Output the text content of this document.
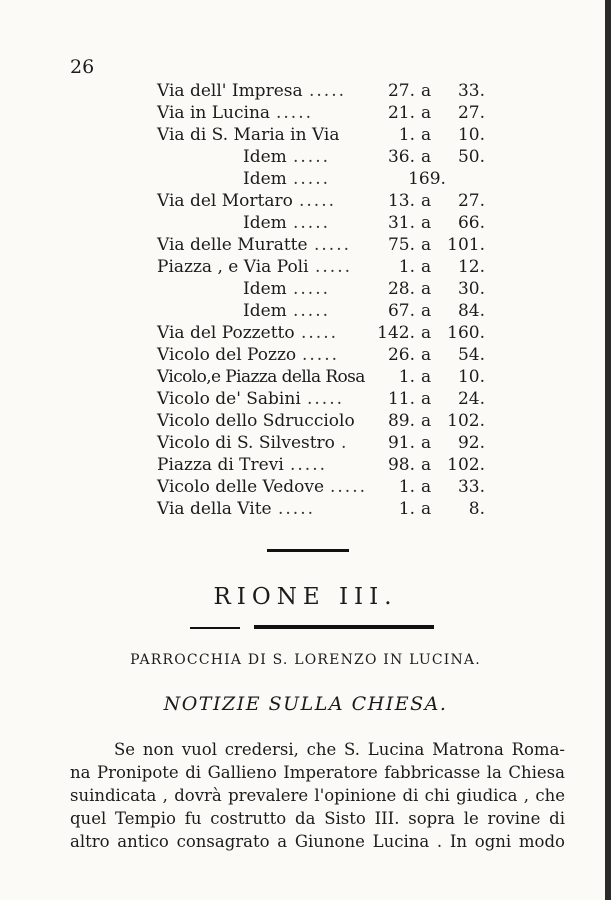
26
Via dell' Impresa .....	27. a	33.
Via in Lucina .....	21. a	27.
Via di S. Maria in Via	1. a	10.
Idem .....	36. a	50.
Idem .....	169.
Via del Mortaro .....	13. a	27.
Idem .....	31. a	66.
Via delle Muratte .....	75. a 101.
Piazza , e Via Poli .....	1. a	12.
Idem .....	28. a	30.
Idem .....	67. a	84.
Via del Pozzetto .....	142. a 160.
Vicolo del Pozzo .....	26. a	54.
Vicolo,e Piazza della Rosa	1. a	10.
Vicolo de' Sabini .....	11. a	24.
Vicolo dello Sdrucciolo	89. a 102.
Vicolo di S. Silvestro .	91. a	92.
Piazza di Trevi .....	98. a 102.
Vicolo delle Vedove .....	1. a	33.
Via della Vite .....	1. a	8.
RIONE III.
PARROCCHIA DI S. LORENZO IN LUCINA.
NOTIZIE SULLA CHIESA.
Se non vuol credersi, che S. Lucina Matrona Roma-
na Pronipote di Gallieno Imperatore fabbricasse la Chiesa
suindicata , dovrà prevalere l'opinione di chi giudica , che
quel Tempio fu costrutto da Sisto III. sopra le rovine di
altro antico consagrato a Giunone Lucina . In ogni modo
